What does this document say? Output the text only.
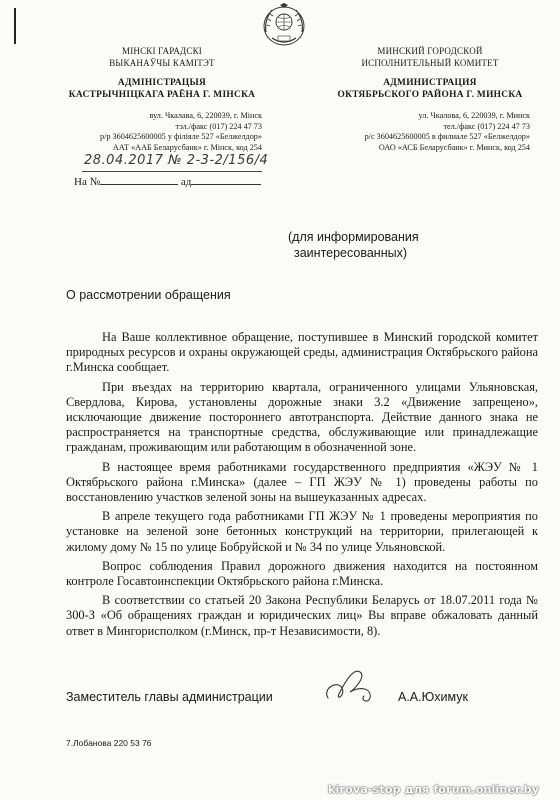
МІНСКІ ГАРАДСКІ
ВЫКАНАЎЧЫ КАМІТЭТ
АДМІНІСТРАЦЫЯ
КАСТРЫЧНІЦКАГА РАЁНА Г. МІНСКА
вул. Чкалава, 6, 220039, г. Мінск
тэл./факс (017) 224 47 73
р/р 3604625600005 у філіяле 527 «Белжелдор»
ААТ «ААБ Беларусбанк» г. Мінск, код 254
МИНСКИЙ ГОРОДСКОЙ
ИСПОЛНИТЕЛЬНЫЙ КОМИТЕТ
АДМИНИСТРАЦИЯ
ОКТЯБРЬСКОГО РАЙОНА Г. МИНСКА
ул. Чкалова, 6, 220039, г. Минск
тел./факс (017) 224 47 73
р/с 3604625600005 в филиале 527 «Белжелдор»
ОАО «АСБ Беларусбанк» г. Минск, код 254
28.04.2017 № 2-3-2/156/4
На №	ад
(для информирования
заинтересованных)
О рассмотрении обращения

На Ваше коллективное обращение, поступившее в Минский городской комитет природных ресурсов и охраны окружающей среды, администрация Октябрьского района г.Минска сообщает.

При въездах на территорию квартала, ограниченного улицами Ульяновская, Свердлова, Кирова, установлены дорожные знаки 3.2 «Движение запрещено», исключающие движение постороннего автотранспорта. Действие данного знака не распространяется на транспортные средства, обслуживающие или принадлежащие гражданам, проживающим или работающим в обозначенной зоне.

В настоящее время работниками государственного предприятия «ЖЭУ № 1 Октябрьского района г.Минска» (далее – ГП ЖЭУ № 1) проведены работы по восстановлению участков зеленой зоны на вышеуказанных адресах.

В апреле текущего года работниками ГП ЖЭУ № 1 проведены мероприятия по установке на зеленой зоне бетонных конструкций на территории, прилегающей к жилому дому № 15 по улице Бобруйской и № 34 по улице Ульяновской.

Вопрос соблюдения Правил дорожного движения находится на постоянном контроле Госавтоинспекции Октябрьского района г.Минска.

В соответствии со статьей 20 Закона Республики Беларусь от 18.07.2011 года № 300-З «Об обращениях граждан и юридических лиц» Вы вправе обжаловать данный ответ в Мингорисполком (г.Минск, пр-т Независимости, 8).

Заместитель главы администрации	А.А.Юхимук
7.Лобанова 220 53 76
kirova-stop для forum.onliner.by
